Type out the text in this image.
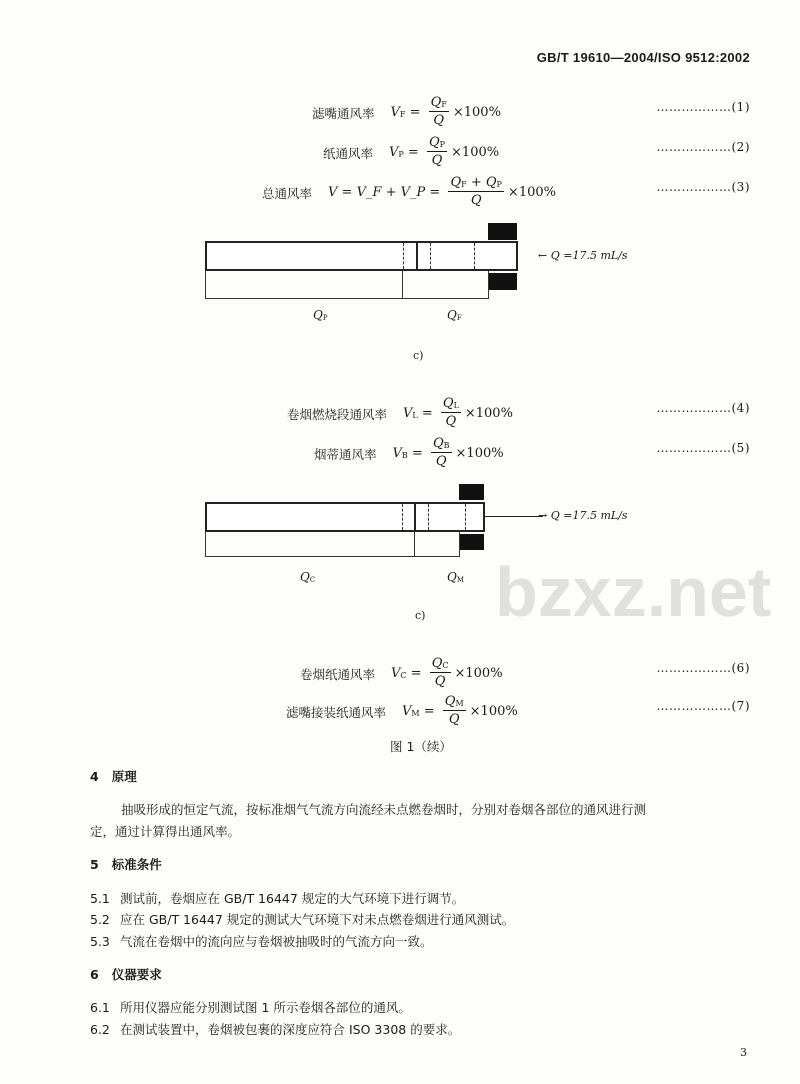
GB/T 19610—2004/ISO 9512:2002
bzxz.net
滤嘴通风率 $V_F = \frac{Q_F}{Q} \times 100\%$	………………(1)
纸通风率 $V_P = \frac{Q_P}{Q} \times 100\%$	………………(2)
总通风率 V
= V_F + V_P = $\frac{Q_F + Q_P}{Q} \times 100\%$	………………(3)
← Q =17.5 mL/s
$Q_P$	$Q_F$
c)
卷烟燃烧段通风率 $V_L = \frac{Q_L}{Q} \times 100\%$	………………(4)
烟蒂通风率 $V_B = \frac{Q_B}{Q} \times 100\%$	………………(5)
→ Q =17.5 mL/s
$Q_C$	$Q_M$
c)
卷烟纸通风率 $V_C = \frac{Q_C}{Q} \times 100\%$	………………(6)
滤嘴接装纸通风率 $V_M = \frac{Q_M}{Q} \times 100\%$	………………(7)
图 1（续）
4 原理
抽吸形成的恒定气流，按标准烟气气流方向流经未点燃卷烟时，分别对卷烟各部位的通风进行测
定，通过计算得出通风率。
5 标准条件
5.1 测试前，卷烟应在 GB/T 16447 规定的大气环境下进行调节。
5.2 应在 GB/T 16447 规定的测试大气环境下对未点燃卷烟进行通风测试。
5.3 气流在卷烟中的流向应与卷烟被抽吸时的气流方向一致。
6 仪器要求
6.1 所用仪器应能分别测试图 1 所示卷烟各部位的通风。
6.2 在测试装置中，卷烟被包裹的深度应符合 ISO 3308 的要求。
3
